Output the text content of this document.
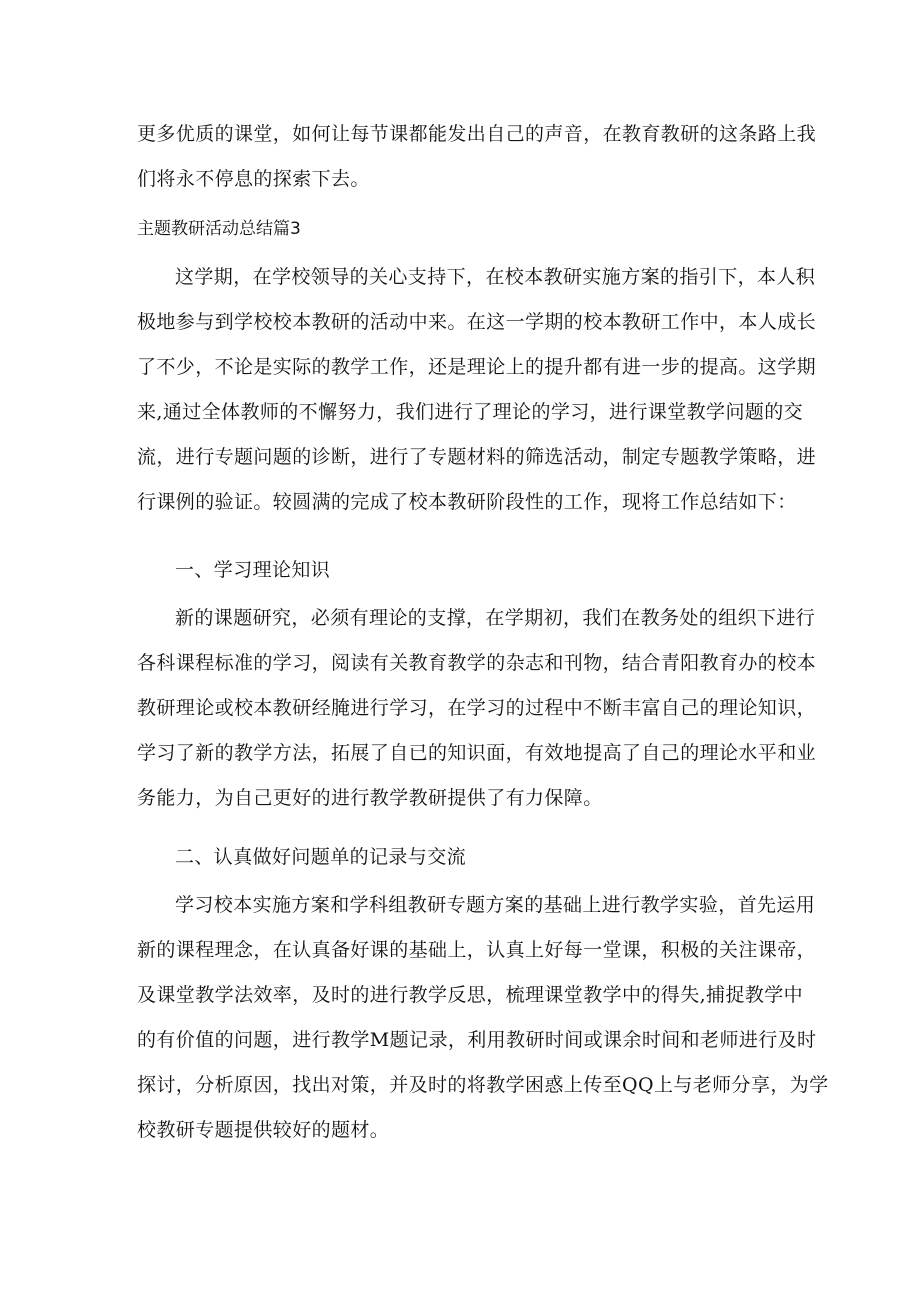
更多优质的课堂，如何让每节课都能发出自己的声音，在教育教研的这条路上我
们将永不停息的探索下去。
主题教研活动总结篇3
这学期，在学校领导的关心支持下，在校本教研实施方案的指引下，本人积
极地参与到学校校本教研的活动中来。在这一学期的校本教研工作中，本人成长
了不少，不论是实际的教学工作，还是理论上的提升都有进一步的提高。这学期
来,通过全体教师的不懈努力，我们进行了理论的学习，进行课堂教学问题的交
流，进行专题问题的诊断，进行了专题材料的筛选活动，制定专题教学策略，进
行课例的验证。较圆满的完成了校本教研阶段性的工作，现将工作总结如下：
一、学习理论知识
新的课题研究，必须有理论的支撑，在学期初，我们在教务处的组织下进行
各科课程标准的学习，阅读有关教育教学的杂志和刊物，结合青阳教育办的校本
教研理论或校本教研经腌进行学习，在学习的过程中不断丰富自己的理论知识，
学习了新的教学方法，拓展了自已的知识面，有效地提高了自己的理论水平和业
务能力，为自己更好的进行教学教研提供了有力保障。
二、认真做好问题单的记录与交流
学习校本实施方案和学科组教研专题方案的基础上进行教学实验，首先运用
新的课程理念，在认真备好课的基础上，认真上好每一堂课，积极的关注课帝，
及课堂教学法效率，及时的进行教学反思，梳理课堂教学中的得失,捕捉教学中
的有价值的问题，进行教学M题记录，利用教研时间或课余时间和老师进行及时
探讨，分析原因，找出对策，并及时的将教学困惑上传至QQ上与老师分享，为学
校教研专题提供较好的题材。
